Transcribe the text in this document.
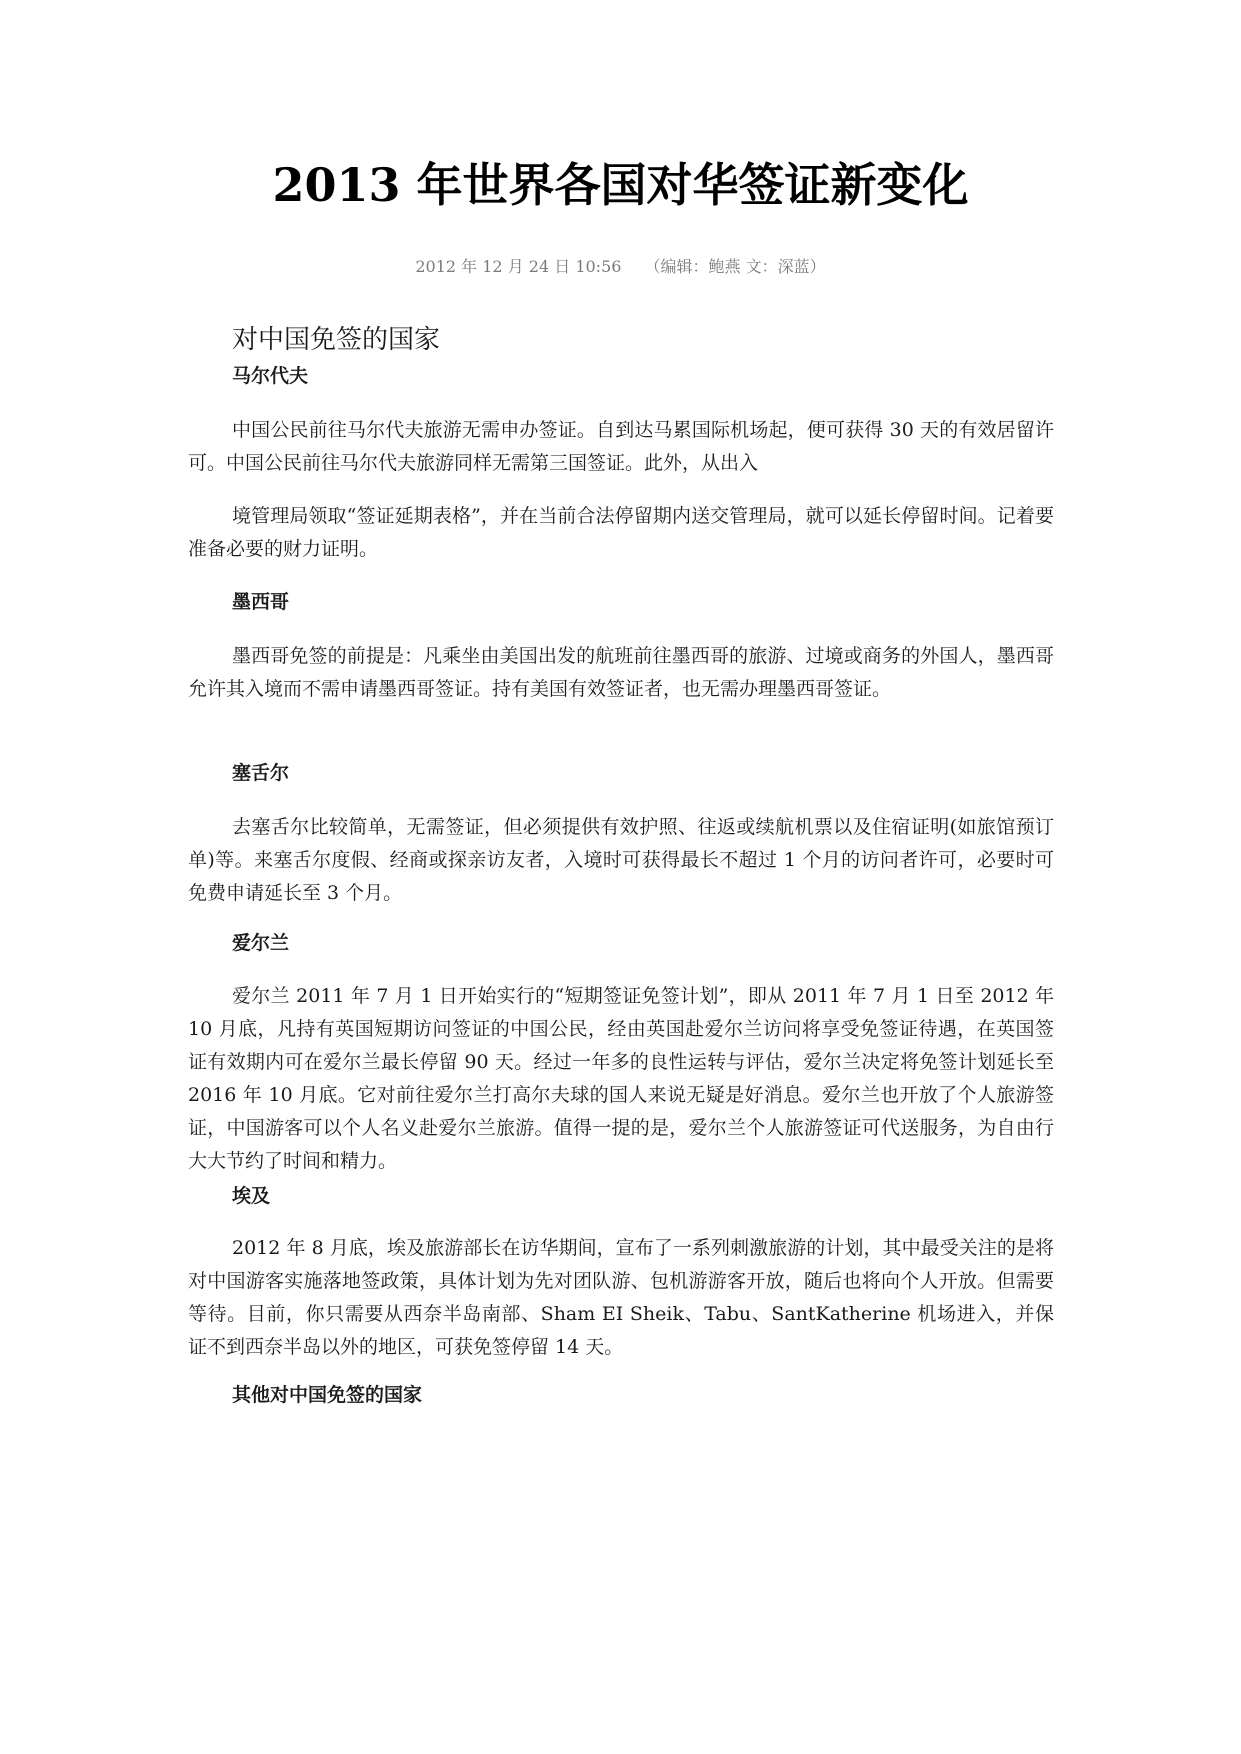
2013 年世界各国对华签证新变化
2012 年 12 月 24 日 10:56 （编辑：鲍燕 文：深蓝）
对中国免签的国家
马尔代夫

中国公民前往马尔代夫旅游无需申办签证。自到达马累国际机场起，便可获得 30 天的有效居留许可。中国公民前往马尔代夫旅游同样无需第三国签证。此外，从出入

境管理局领取“签证延期表格”，并在当前合法停留期内送交管理局，就可以延长停留时间。记着要准备必要的财力证明。

墨西哥

墨西哥免签的前提是：凡乘坐由美国出发的航班前往墨西哥的旅游、过境或商务的外国人，墨西哥允许其入境而不需申请墨西哥签证。持有美国有效签证者，也无需办理墨西哥签证。

塞舌尔

去塞舌尔比较简单，无需签证，但必须提供有效护照、往返或续航机票以及住宿证明(如旅馆预订单)等。来塞舌尔度假、经商或探亲访友者，入境时可获得最长不超过 1 个月的访问者许可，必要时可免费申请延长至 3 个月。

爱尔兰

爱尔兰 2011 年 7 月 1 日开始实行的“短期签证免签计划”，即从 2011 年 7 月 1 日至 2012 年 10 月底，凡持有英国短期访问签证的中国公民，经由英国赴爱尔兰访问将享受免签证待遇，在英国签证有效期内可在爱尔兰最长停留 90 天。经过一年多的良性运转与评估，爱尔兰决定将免签计划延长至 2016 年 10 月底。它对前往爱尔兰打高尔夫球的国人来说无疑是好消息。爱尔兰也开放了个人旅游签证，中国游客可以个人名义赴爱尔兰旅游。值得一提的是，爱尔兰个人旅游签证可代送服务，为自由行大大节约了时间和精力。

埃及

2012 年 8 月底，埃及旅游部长在访华期间，宣布了一系列刺激旅游的计划，其中最受关注的是将对中国游客实施落地签政策，具体计划为先对团队游、包机游游客开放，随后也将向个人开放。但需要等待。目前，你只需要从西奈半岛南部、Sham EI Sheik、Tabu、SantKatherine 机场进入，并保证不到西奈半岛以外的地区，可获免签停留 14 天。

其他对中国免签的国家
